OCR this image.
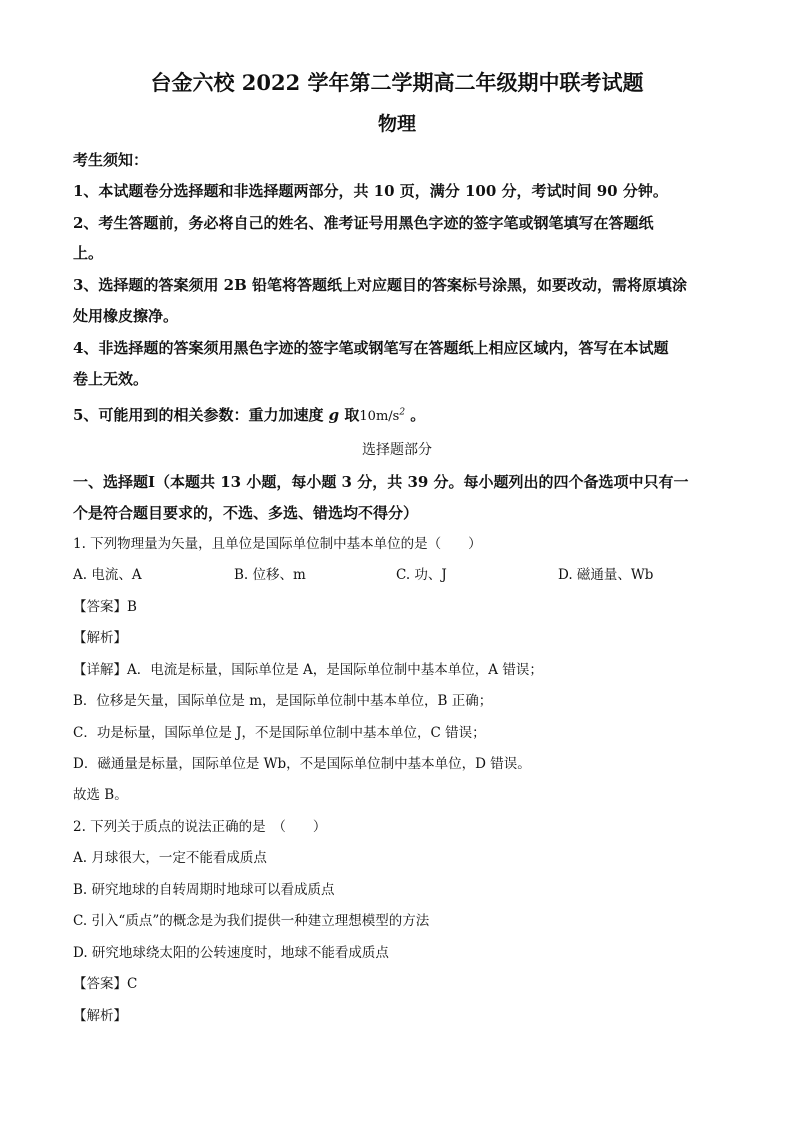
台金六校 2022 学年第二学期高二年级期中联考试题
物理
考生须知：
1、本试题卷分选择题和非选择题两部分，共 10 页，满分 100 分，考试时间 90 分钟。
2、考生答题前，务必将自己的姓名、准考证号用黑色字迹的签字笔或钢笔填写在答题纸
上。
3、选择题的答案须用 2B 铅笔将答题纸上对应题目的答案标号涂黑，如要改动，需将原填涂
处用橡皮擦净。
4、非选择题的答案须用黑色字迹的签字笔或钢笔写在答题纸上相应区域内，答写在本试题
卷上无效。
5、可能用到的相关参数：重力加速度 g 取$10m/s^2$ 。
选择题部分
一、选择题Ⅰ（本题共 13 小题，每小题 3 分，共 39 分。每小题列出的四个备选项中只有一
个是符合题目要求的，不选、多选、错选均不得分）
1. 下列物理量为矢量，且单位是国际单位制中基本单位的是（　　）
A. 电流、A	B. 位移、m	C. 功、J	D. 磁通量、Wb
【答案】B
【解析】
【详解】A．电流是标量，国际单位是 A，是国际单位制中基本单位，A 错误；
B．位移是矢量，国际单位是 m，是国际单位制中基本单位，B 正确；
C．功是标量，国际单位是 J，不是国际单位制中基本单位，C 错误；
D．磁通量是标量，国际单位是 Wb，不是国际单位制中基本单位，D 错误。
故选 B。
2. 下列关于质点的说法正确的是　（　　）
A. 月球很大，一定不能看成质点
B. 研究地球的自转周期时地球可以看成质点
C. 引入“质点”的概念是为我们提供一种建立理想模型的方法
D. 研究地球绕太阳的公转速度时，地球不能看成质点
【答案】C
【解析】
